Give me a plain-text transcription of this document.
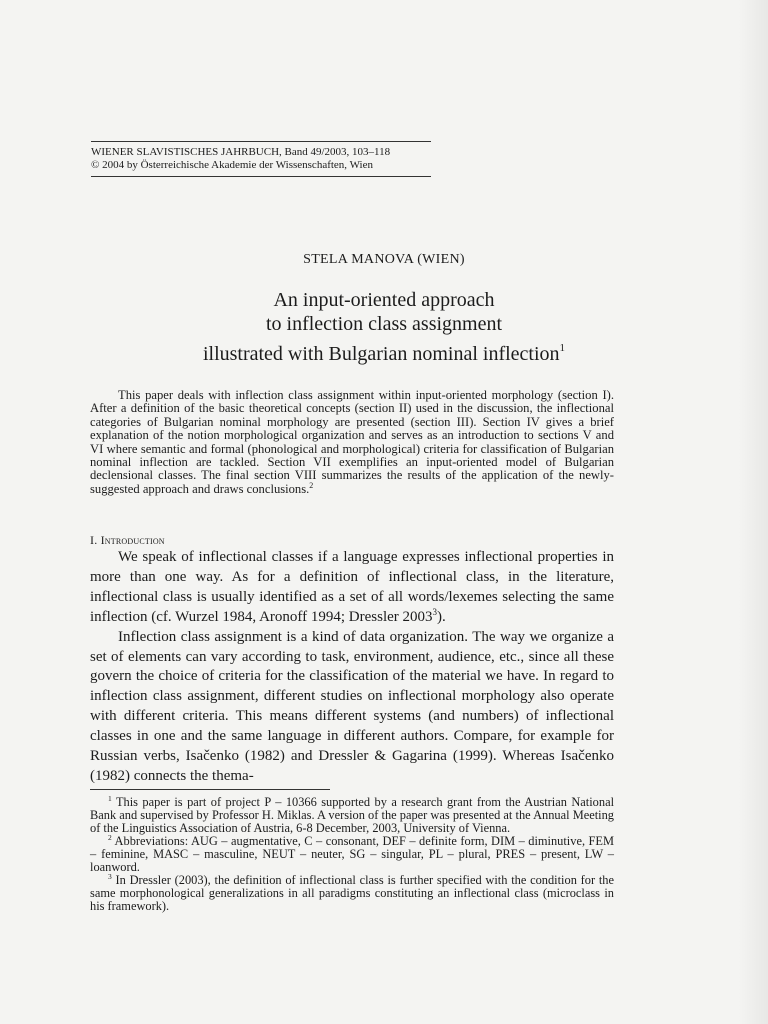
WIENER SLAVISTISCHES JAHRBUCH, Band 49/2003, 103–118
© 2004 by Österreichische Akademie der Wissenschaften, Wien
STELA MANOVA (WIEN)
An input-oriented approach
to inflection class assignment
illustrated with Bulgarian nominal inflection$^1$

This paper deals with inflection class assignment within input-oriented morphology (section I). After a definition of the basic theoretical concepts (section II) used in the discussion, the inflectional categories of Bulgarian nominal morphology are presented (section III). Section IV gives a brief explanation of the notion morphological organization and serves as an introduction to sections V and VI where semantic and formal (phonological and morphological) criteria for classification of Bulgarian nominal inflection are tackled. Section VII exemplifies an input-oriented model of Bulgarian declensional classes. The final section VIII summarizes the results of the application of the newly-suggested approach and draws conclusions.$^2$

I. Introduction

We speak of inflectional classes if a language expresses inflectional properties in more than one way. As for a definition of inflectional class, in the literature, inflectional class is usually identified as a set of all words/lexemes selecting the same inflection (cf. Wurzel 1984, Aronoff 1994; Dressler 2003$^3$).

Inflection class assignment is a kind of data organization. The way we organize a set of elements can vary according to task, environment, audience, etc., since all these govern the choice of criteria for the classification of the material we have. In regard to inflection class assignment, different studies on inflectional morphology also operate with different criteria. This means different systems (and numbers) of inflectional classes in one and the same language in different authors. Compare, for example for Russian verbs, Isačenko (1982) and Dressler & Gagarina (1999). Whereas Isačenko (1982) connects the thema-

$^1$ This paper is part of project P – 10366 supported by a research grant from the Austrian National Bank and supervised by Professor H. Miklas. A version of the paper was presented at the Annual Meeting of the Linguistics Association of Austria, 6-8 December, 2003, University of Vienna.

$^2$ Abbreviations: AUG – augmentative, C – consonant, DEF – definite form, DIM – diminutive, FEM – feminine, MASC – masculine, NEUT – neuter, SG – singular, PL – plural, PRES – present, LW – loanword.

$^3$ In Dressler (2003), the definition of inflectional class is further specified with the condition for the same morphonological generalizations in all paradigms constituting an inflectional class (microclass in his framework).
